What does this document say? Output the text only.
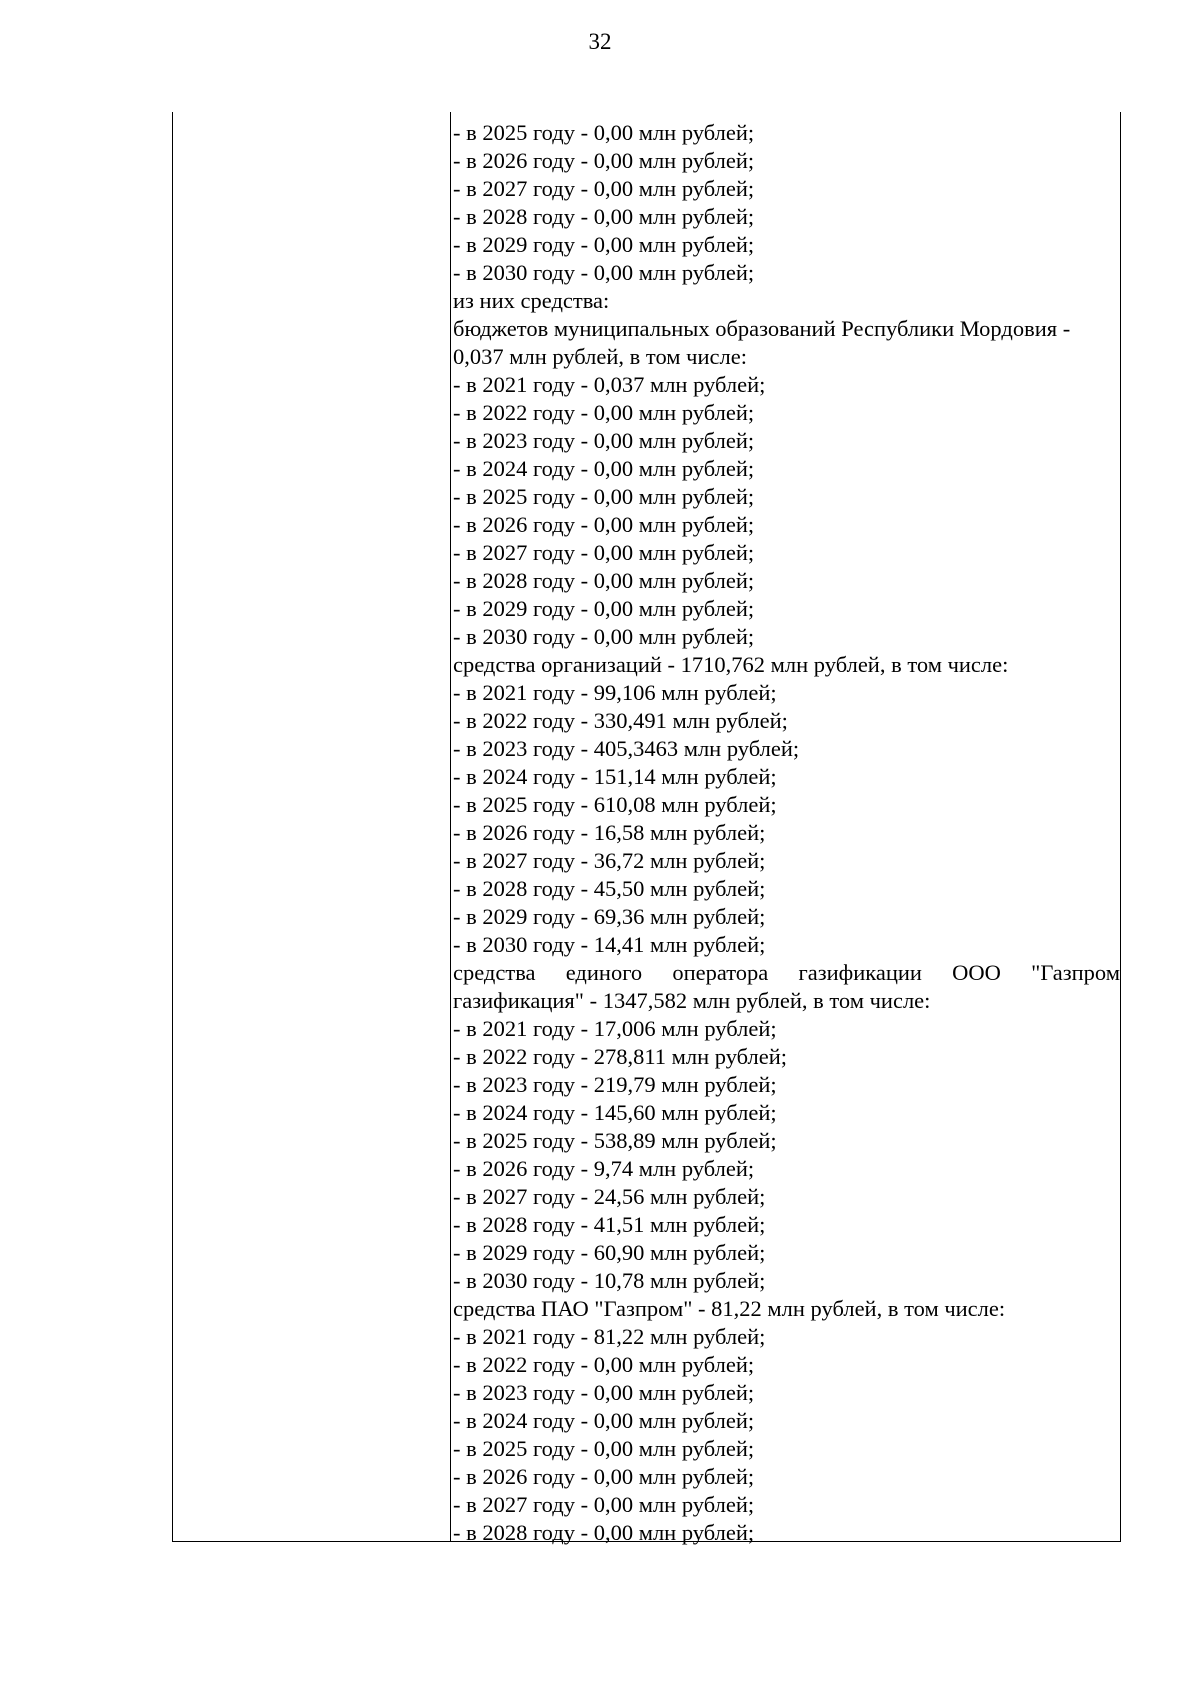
32
- в 2025 году - 0,00 млн рублей;
- в 2026 году - 0,00 млн рублей;
- в 2027 году - 0,00 млн рублей;
- в 2028 году - 0,00 млн рублей;
- в 2029 году - 0,00 млн рублей;
- в 2030 году - 0,00 млн рублей;
из них средства:
бюджетов муниципальных образований Республики Мордовия -
0,037 млн рублей, в том числе:
- в 2021 году - 0,037 млн рублей;
- в 2022 году - 0,00 млн рублей;
- в 2023 году - 0,00 млн рублей;
- в 2024 году - 0,00 млн рублей;
- в 2025 году - 0,00 млн рублей;
- в 2026 году - 0,00 млн рублей;
- в 2027 году - 0,00 млн рублей;
- в 2028 году - 0,00 млн рублей;
- в 2029 году - 0,00 млн рублей;
- в 2030 году - 0,00 млн рублей;
средства организаций - 1710,762 млн рублей, в том числе:
- в 2021 году - 99,106 млн рублей;
- в 2022 году - 330,491 млн рублей;
- в 2023 году - 405,3463 млн рублей;
- в 2024 году - 151,14 млн рублей;
- в 2025 году - 610,08 млн рублей;
- в 2026 году - 16,58 млн рублей;
- в 2027 году - 36,72 млн рублей;
- в 2028 году - 45,50 млн рублей;
- в 2029 году - 69,36 млн рублей;
- в 2030 году - 14,41 млн рублей;
средства единого оператора газификации ООО "Газпром
газификация" - 1347,582 млн рублей, в том числе:
- в 2021 году - 17,006 млн рублей;
- в 2022 году - 278,811 млн рублей;
- в 2023 году - 219,79 млн рублей;
- в 2024 году - 145,60 млн рублей;
- в 2025 году - 538,89 млн рублей;
- в 2026 году - 9,74 млн рублей;
- в 2027 году - 24,56 млн рублей;
- в 2028 году - 41,51 млн рублей;
- в 2029 году - 60,90 млн рублей;
- в 2030 году - 10,78 млн рублей;
средства ПАО "Газпром" - 81,22 млн рублей, в том числе:
- в 2021 году - 81,22 млн рублей;
- в 2022 году - 0,00 млн рублей;
- в 2023 году - 0,00 млн рублей;
- в 2024 году - 0,00 млн рублей;
- в 2025 году - 0,00 млн рублей;
- в 2026 году - 0,00 млн рублей;
- в 2027 году - 0,00 млн рублей;
- в 2028 году - 0,00 млн рублей;
